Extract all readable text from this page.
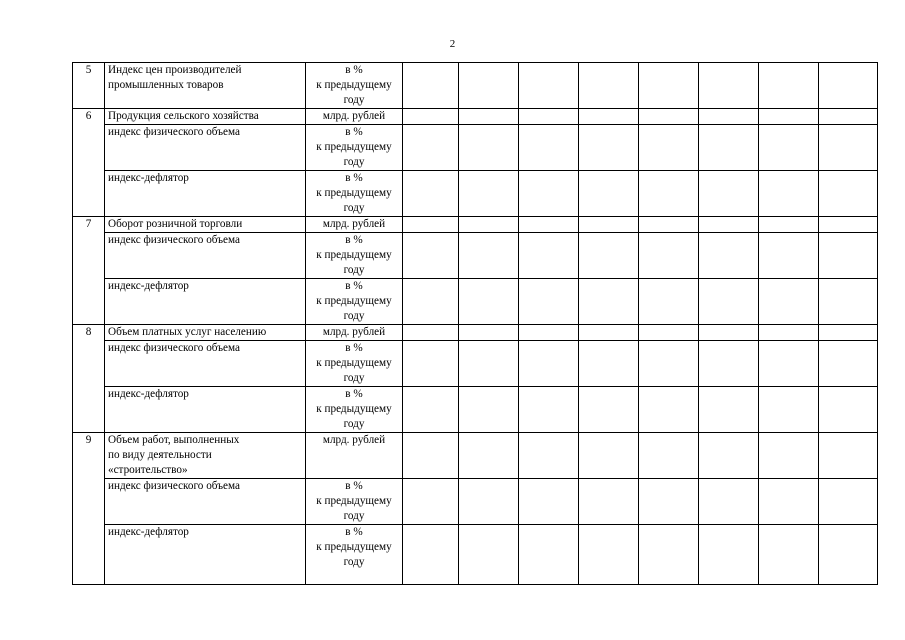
2
5	Индекс цен производителей
промышленных товаров	в %
к предыдущему
году								
6	Продукция сельского хозяйства	млрд. рублей								
	индекс физического объема	в %
к предыдущему
году								
	индекс-дефлятор	в %
к предыдущему
году								
7	Оборот розничной торговли	млрд. рублей								
	индекс физического объема	в %
к предыдущему
году								
	индекс-дефлятор	в %
к предыдущему
году								
8	Объем платных услуг населению	млрд. рублей								
	индекс физического объема	в %
к предыдущему
году								
	индекс-дефлятор	в %
к предыдущему
году								
9	Объем работ, выполненных
по виду деятельности
«строительство»	млрд. рублей								
	индекс физического объема	в %
к предыдущему
году								
	индекс-дефлятор	в %
к предыдущему
году								
